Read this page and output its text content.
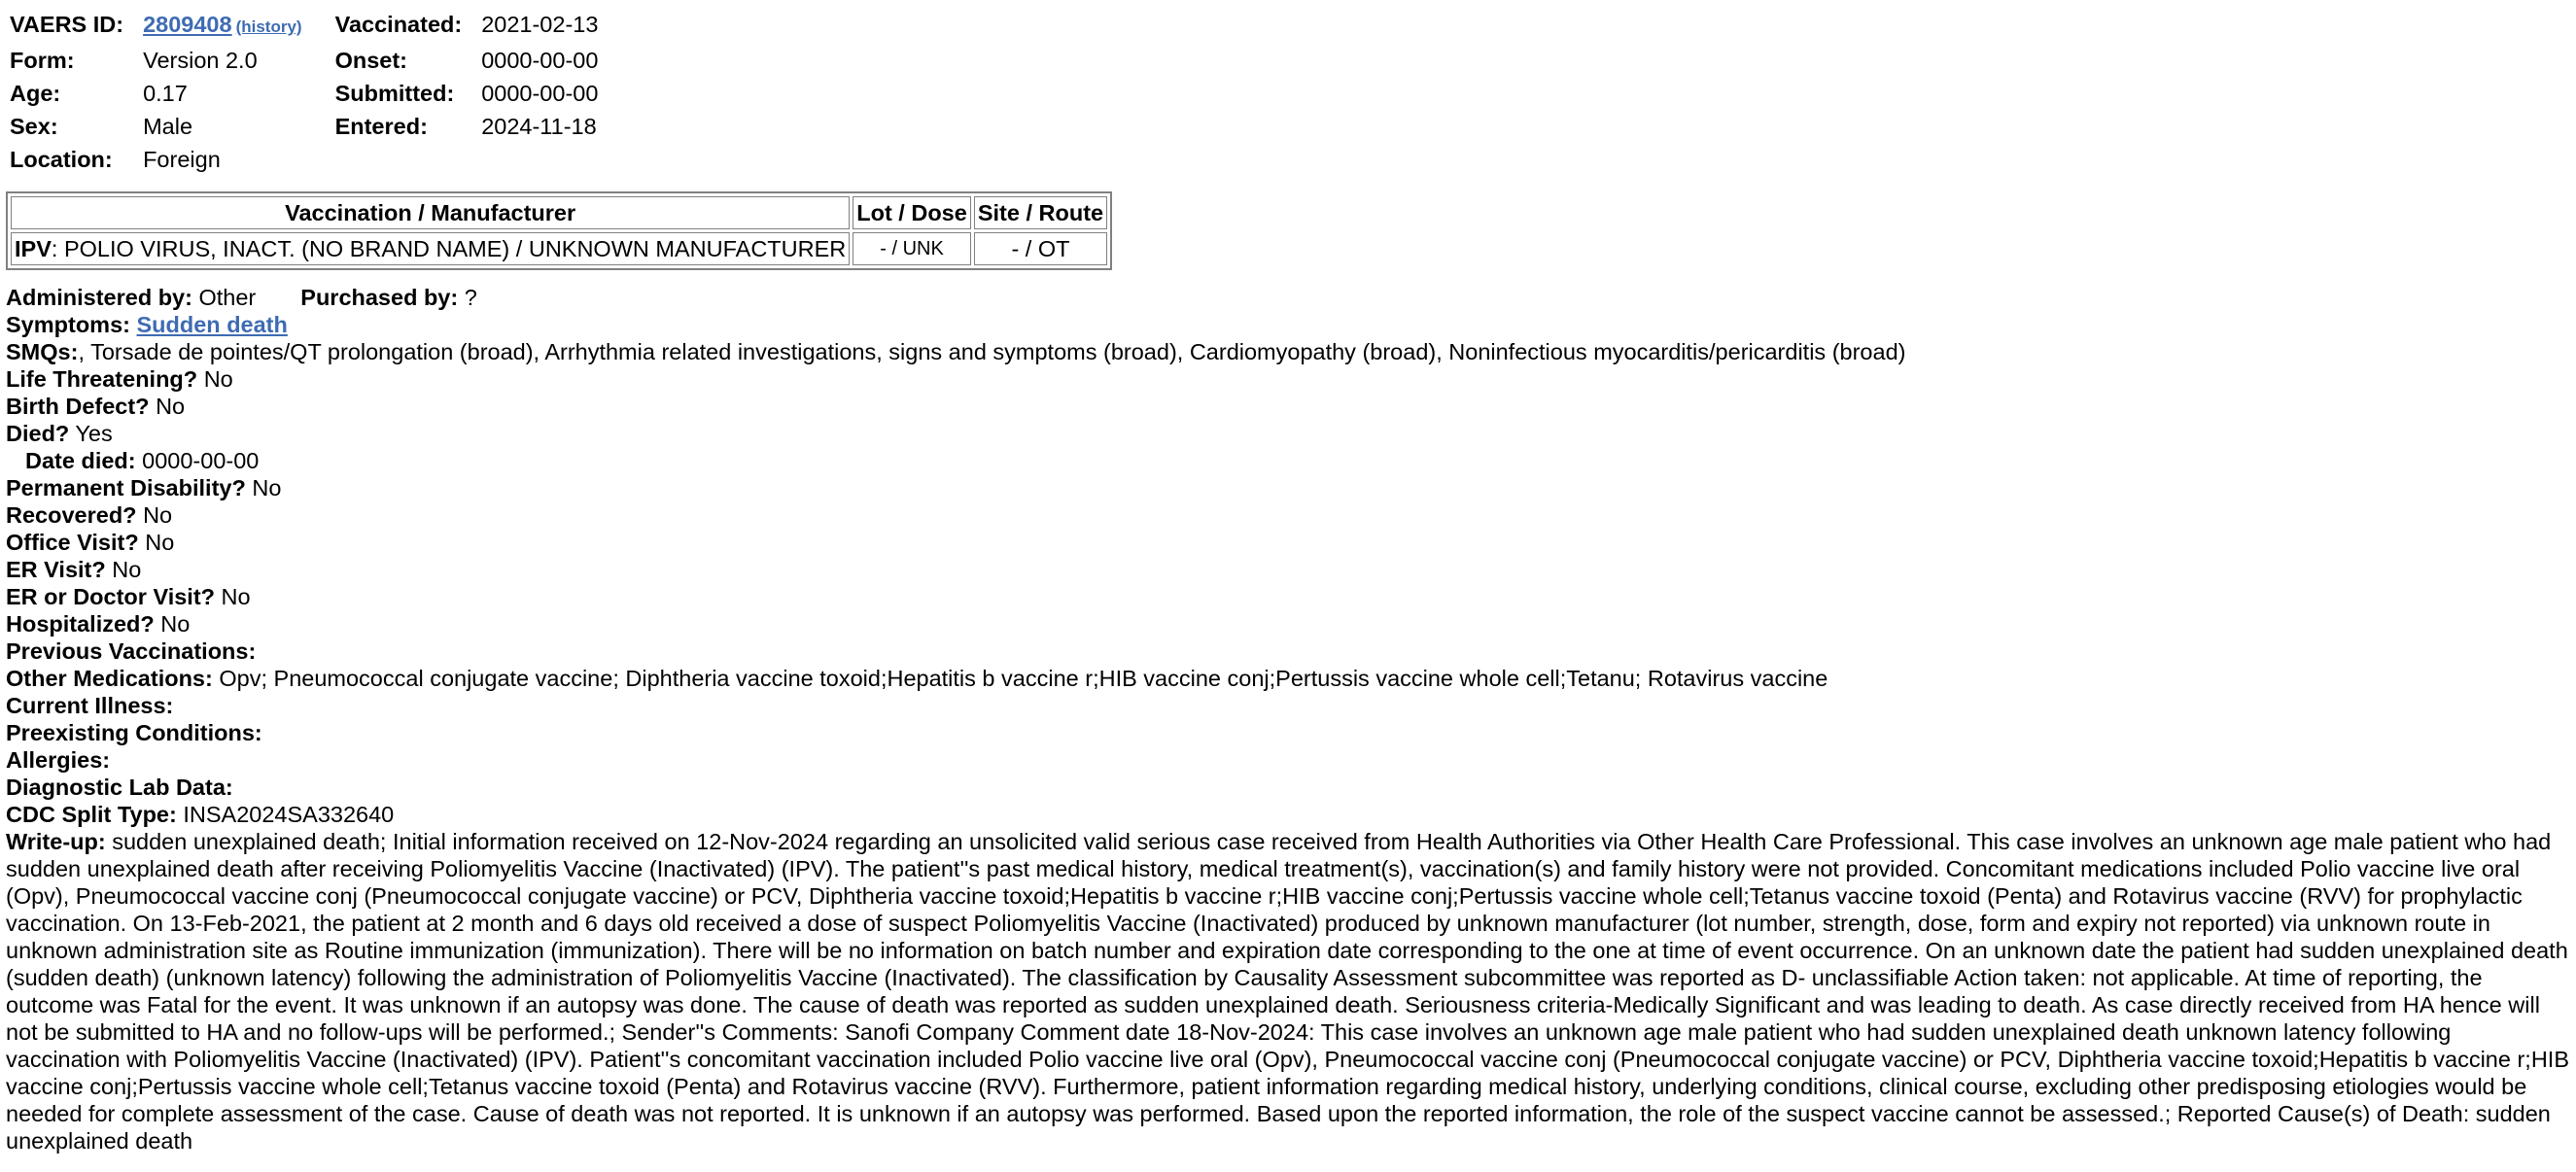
VAERS ID:	2809408 (history)		Vaccinated:	2021-02-13
Form:	Version 2.0		Onset:	0000-00-00
Age:	0.17		Submitted:	0000-00-00
Sex:	Male		Entered:	2024-11-18
Location:	Foreign			
Vaccination / Manufacturer	Lot / Dose	Site / Route
IPV: POLIO VIRUS, INACT. (NO BRAND NAME) / UNKNOWN MANUFACTURER	- / UNK	- / OT
Administered by: Other Purchased by: ?
Symptoms: Sudden death
SMQs:, Torsade de pointes/QT prolongation (broad), Arrhythmia related investigations, signs and symptoms (broad), Cardiomyopathy (broad), Noninfectious myocarditis/pericarditis (broad)
Life Threatening? No
Birth Defect? No
Died? Yes
Date died: 0000-00-00
Permanent Disability? No
Recovered? No
Office Visit? No
ER Visit? No
ER or Doctor Visit? No
Hospitalized? No
Previous Vaccinations:
Other Medications: Opv; Pneumococcal conjugate vaccine; Diphtheria vaccine toxoid;Hepatitis b vaccine r;HIB vaccine conj;Pertussis vaccine whole cell;Tetanu; Rotavirus vaccine
Current Illness:
Preexisting Conditions:
Allergies:
Diagnostic Lab Data:
CDC Split Type: INSA2024SA332640
Write-up: sudden unexplained death; Initial information received on 12-Nov-2024 regarding an unsolicited valid serious case received from Health Authorities via Other Health Care Professional. This case involves an unknown age male patient who had sudden unexplained death after receiving Poliomyelitis Vaccine (Inactivated) (IPV). The patient''s past medical history, medical treatment(s), vaccination(s) and family history were not provided. Concomitant medications included Polio vaccine live oral (Opv), Pneumococcal vaccine conj (Pneumococcal conjugate vaccine) or PCV, Diphtheria vaccine toxoid;Hepatitis b vaccine r;HIB vaccine conj;Pertussis vaccine whole cell;Tetanus vaccine toxoid (Penta) and Rotavirus vaccine (RVV) for prophylactic vaccination. On 13-Feb-2021, the patient at 2 month and 6 days old received a dose of suspect Poliomyelitis Vaccine (Inactivated) produced by unknown manufacturer (lot number, strength, dose, form and expiry not reported) via unknown route in unknown administration site as Routine immunization (immunization). There will be no information on batch number and expiration date corresponding to the one at time of event occurrence. On an unknown date the patient had sudden unexplained death (sudden death) (unknown latency) following the administration of Poliomyelitis Vaccine (Inactivated). The classification by Causality Assessment subcommittee was reported as D- unclassifiable Action taken: not applicable. At time of reporting, the outcome was Fatal for the event. It was unknown if an autopsy was done. The cause of death was reported as sudden unexplained death. Seriousness criteria-Medically Significant and was leading to death. As case directly received from HA hence will not be submitted to HA and no follow-ups will be performed.; Sender''s Comments: Sanofi Company Comment date 18-Nov-2024: This case involves an unknown age male patient who had sudden unexplained death unknown latency following vaccination with Poliomyelitis Vaccine (Inactivated) (IPV). Patient''s concomitant vaccination included Polio vaccine live oral (Opv), Pneumococcal vaccine conj (Pneumococcal conjugate vaccine) or PCV, Diphtheria vaccine toxoid;Hepatitis b vaccine r;HIB vaccine conj;Pertussis vaccine whole cell;Tetanus vaccine toxoid (Penta) and Rotavirus vaccine (RVV). Furthermore, patient information regarding medical history, underlying conditions, clinical course, excluding other predisposing etiologies would be needed for complete assessment of the case. Cause of death was not reported. It is unknown if an autopsy was performed. Based upon the reported information, the role of the suspect vaccine cannot be assessed.; Reported Cause(s) of Death: sudden unexplained death
